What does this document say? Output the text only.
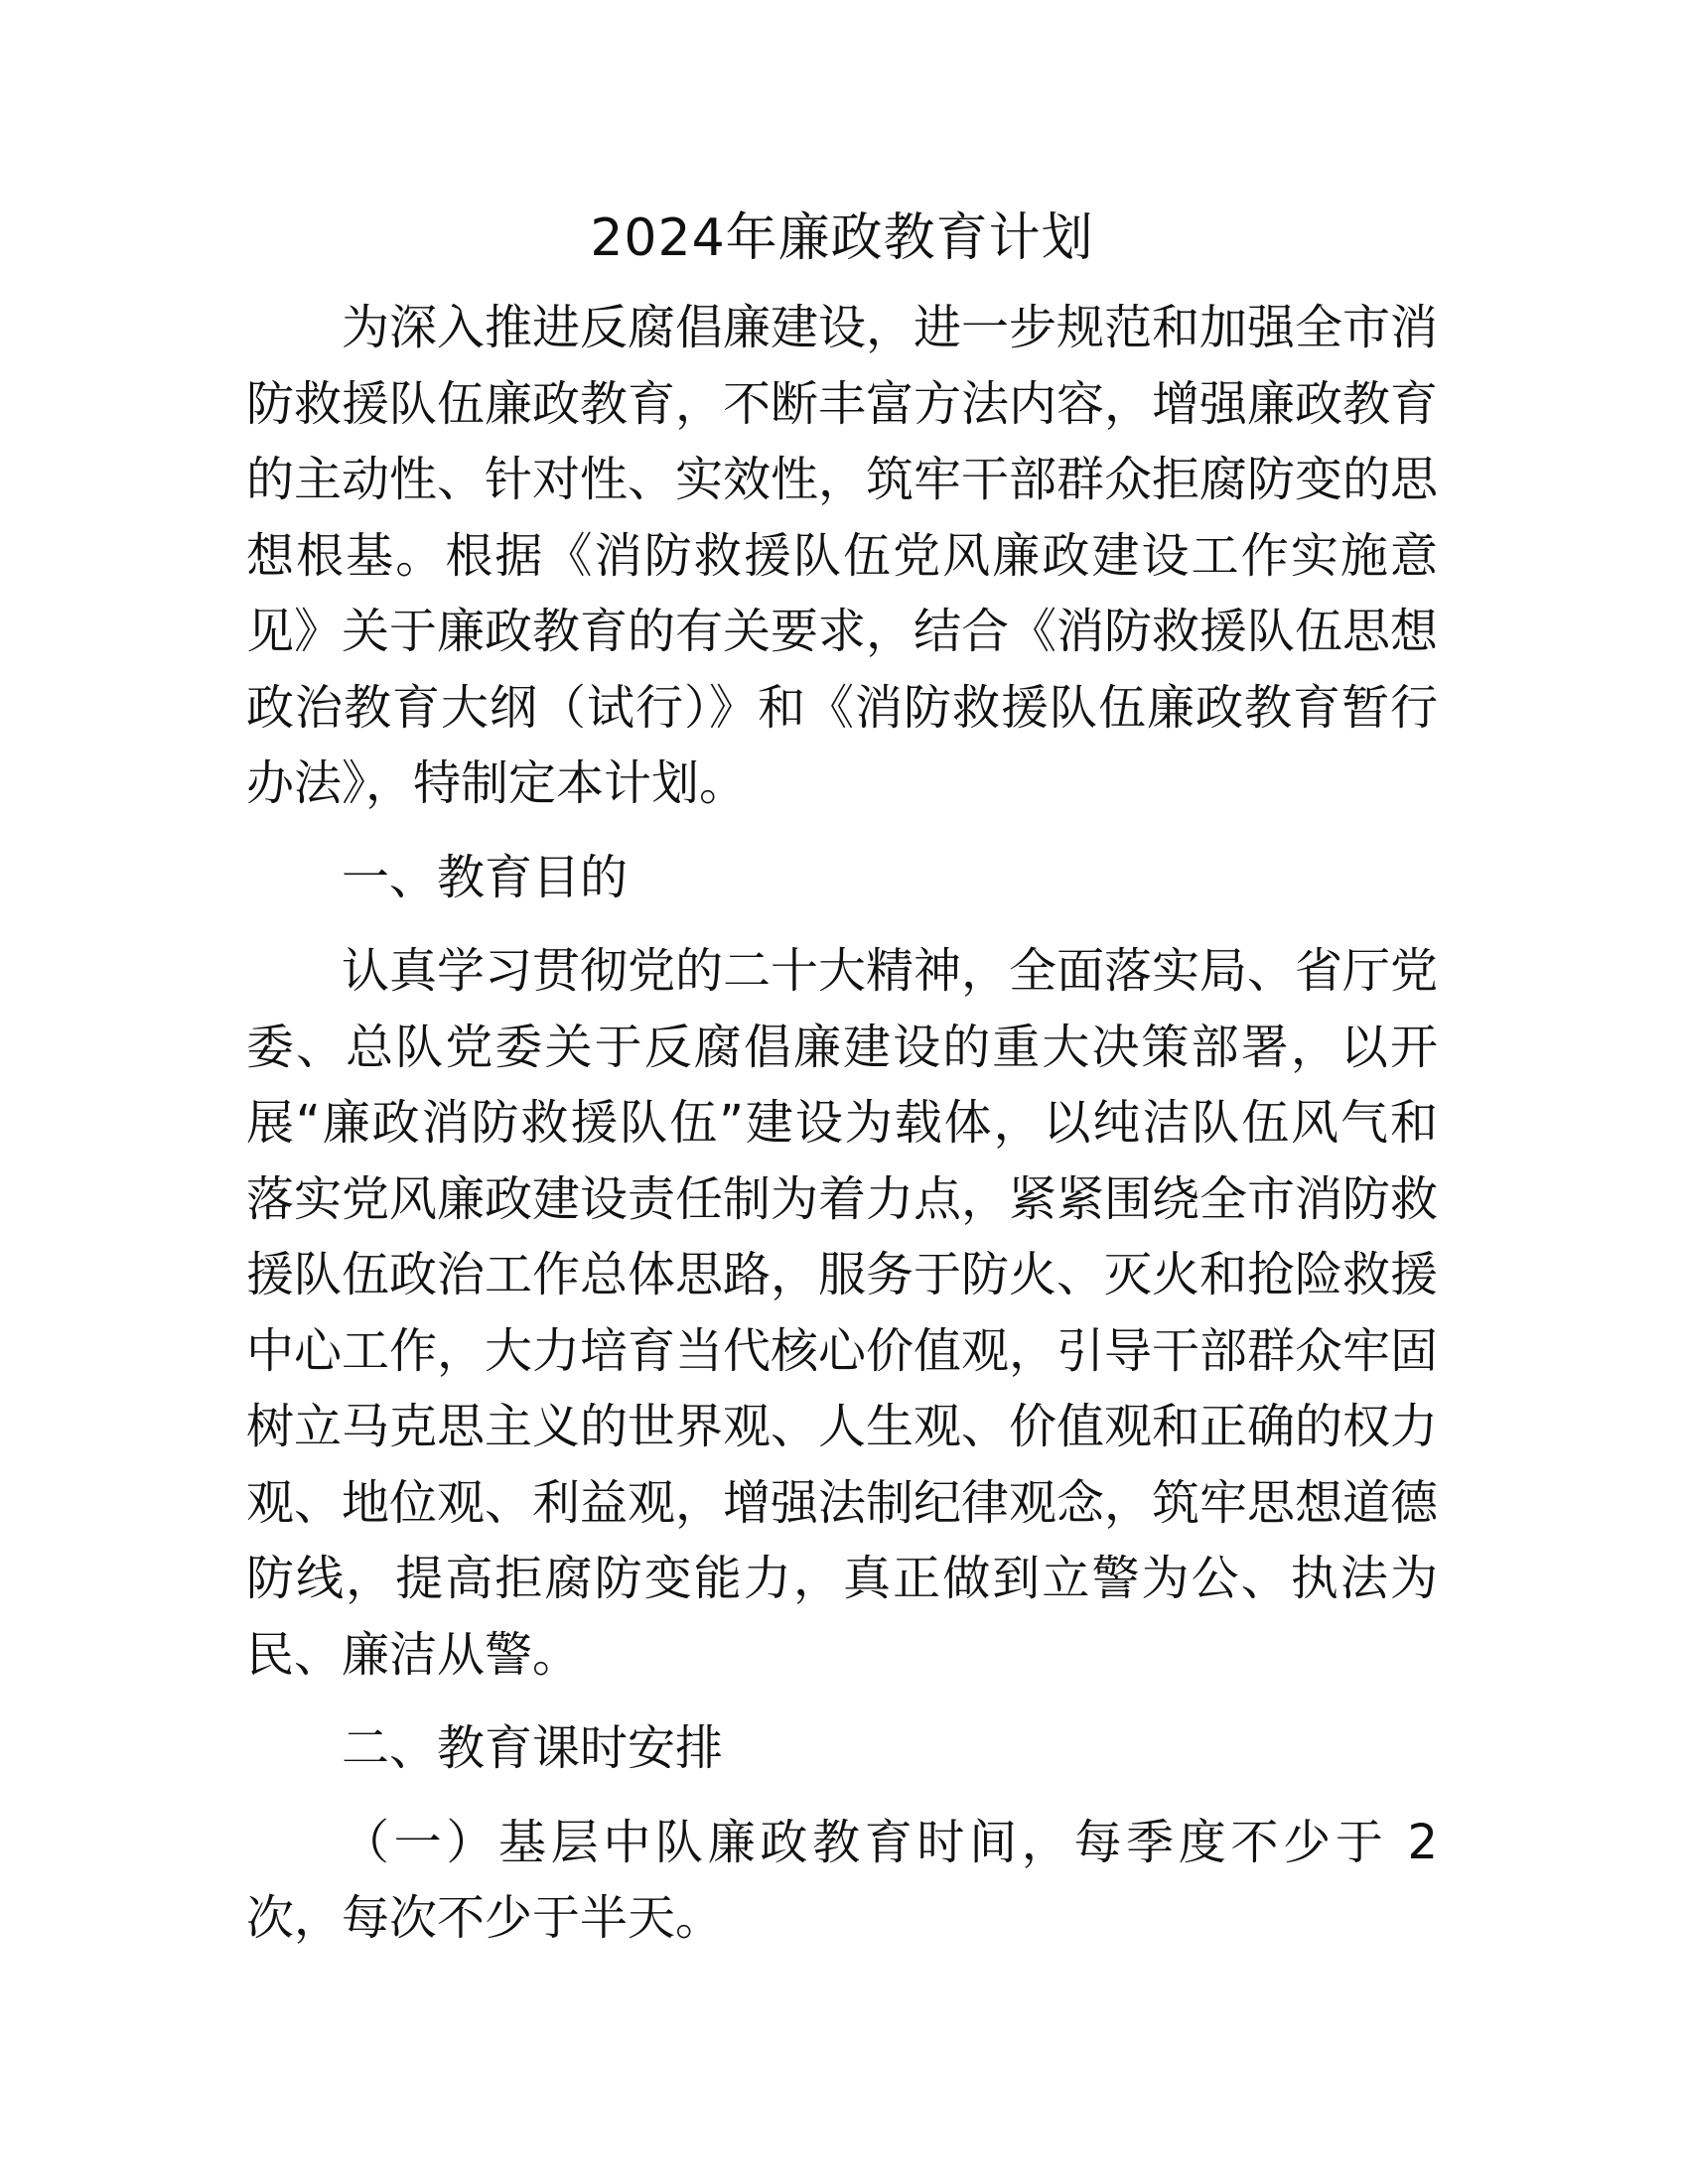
2024年廉政教育计划

为深入推进反腐倡廉建设，进一步规范和加强全市消防救援队伍廉政教育，不断丰富方法内容，增强廉政教育的主动性、针对性、实效性，筑牢干部群众拒腐防变的思想根基。根据《消防救援队伍党风廉政建设工作实施意见》关于廉政教育的有关要求，结合《消防救援队伍思想政治教育大纲（试行）》和《消防救援队伍廉政教育暂行办法》，特制定本计划。

一、教育目的

认真学习贯彻党的二十大精神，全面落实局、省厅党委、总队党委关于反腐倡廉建设的重大决策部署，以开展“廉政消防救援队伍”建设为载体，以纯洁队伍风气和落实党风廉政建设责任制为着力点，紧紧围绕全市消防救援队伍政治工作总体思路，服务于防火、灭火和抢险救援中心工作，大力培育当代核心价值观，引导干部群众牢固树立马克思主义的世界观、人生观、价值观和正确的权力观、地位观、利益观，增强法制纪律观念，筑牢思想道德防线，提高拒腐防变能力，真正做到立警为公、执法为民、廉洁从警。

二、教育课时安排

（一）基层中队廉政教育时间，每季度不少于 2 次，每次不少于半天。
